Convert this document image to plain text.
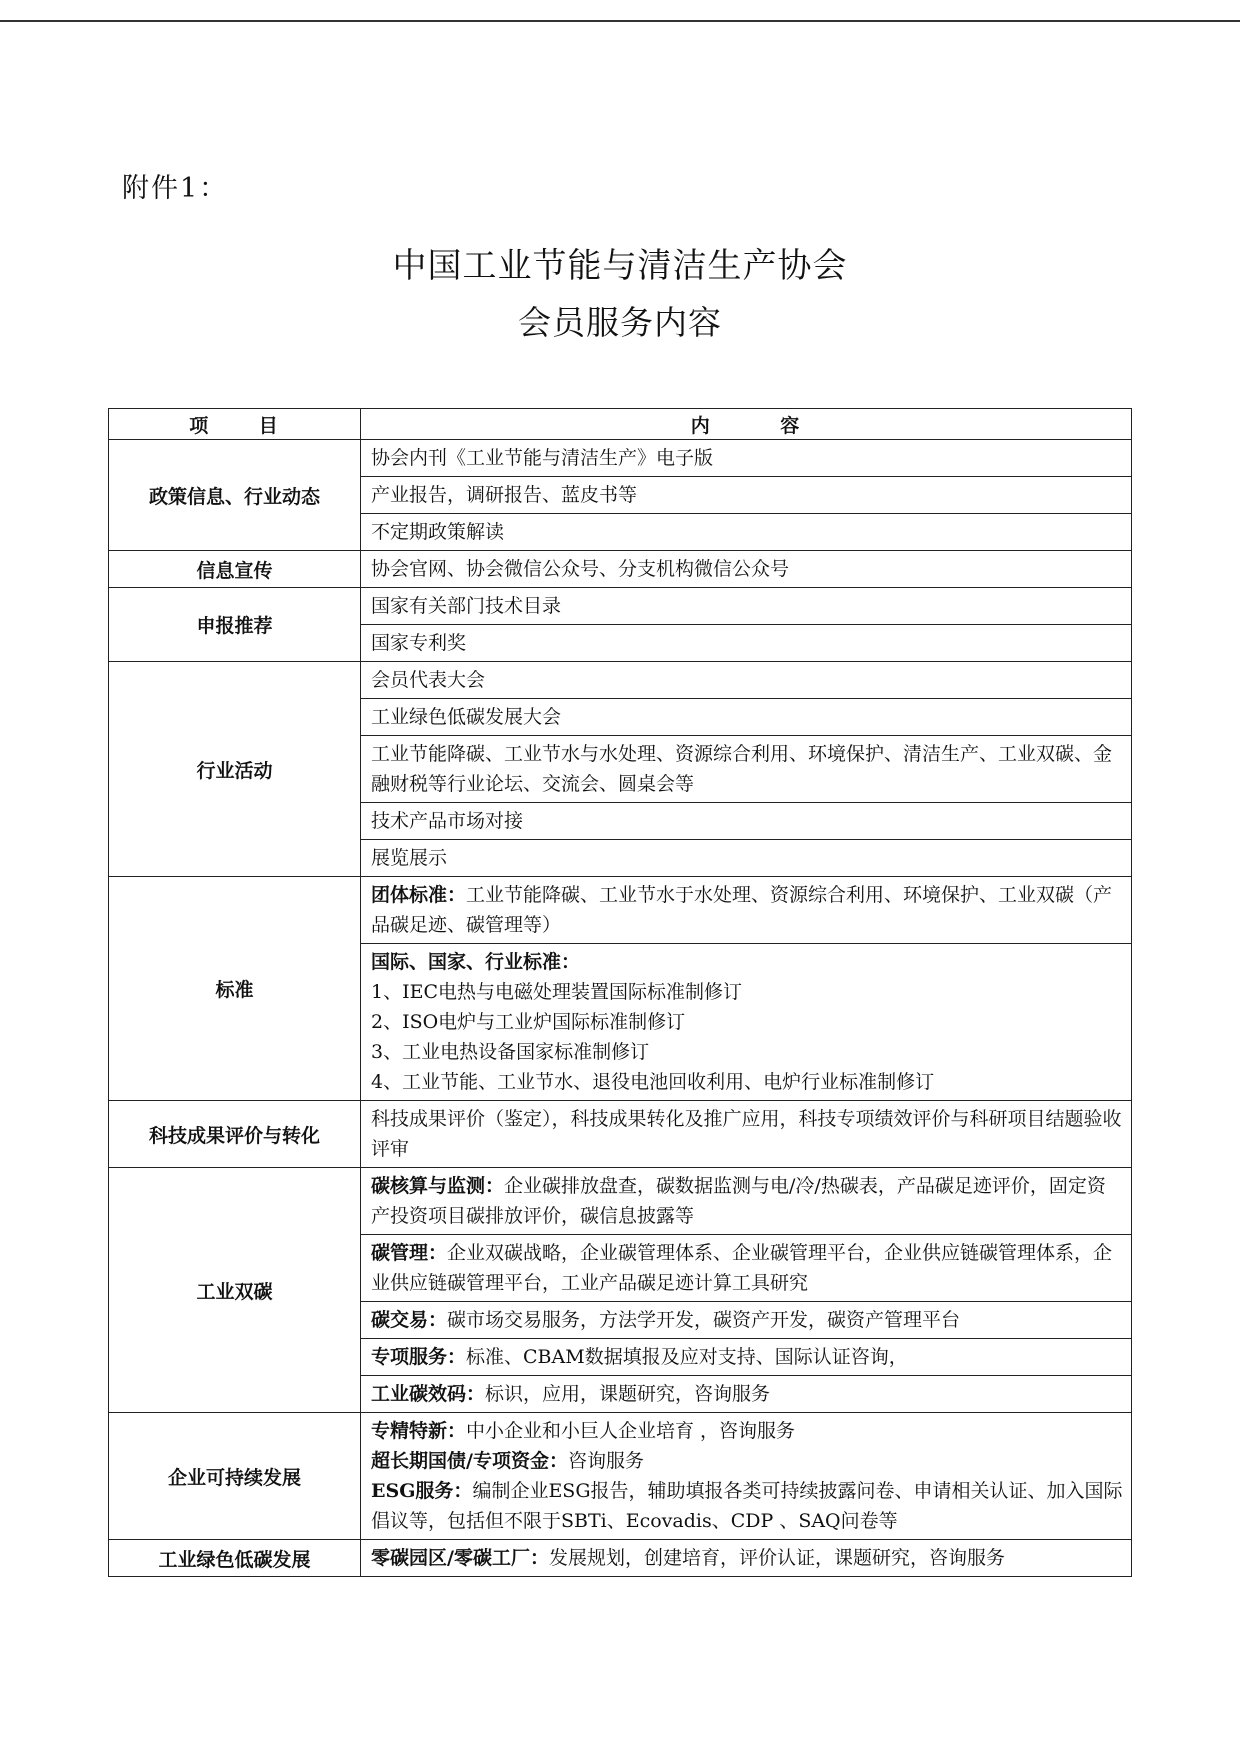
附件1：
中国工业节能与清洁生产协会
会员服务内容
项 目	内 容
政策信息、行业动态	协会内刊《工业节能与清洁生产》电子版

	产业报告，调研报告、蓝皮书等

	不定期政策解读

信息宣传	协会官网、协会微信公众号、分支机构微信公众号

申报推荐	国家有关部门技术目录

	国家专利奖

行业活动	会员代表大会

	工业绿色低碳发展大会

	工业节能降碳、工业节水与水处理、资源综合利用、环境保护、清洁生产、工业双碳、金融财税等行业论坛、交流会、圆桌会等

	技术产品市场对接

	展览展示

标准	团体标准：工业节能降碳、工业节水于水处理、资源综合利用、环境保护、工业双碳（产品碳足迹、碳管理等）

	国际、国家、行业标准：
1、IEC电热与电磁处理装置国际标准制修订
2、ISO电炉与工业炉国际标准制修订
3、工业电热设备国家标准制修订
4、工业节能、工业节水、退役电池回收利用、电炉行业标准制修订

科技成果评价与转化	科技成果评价（鉴定），科技成果转化及推广应用，科技专项绩效评价与科研项目结题验收评审

工业双碳	碳核算与监测：企业碳排放盘查，碳数据监测与电/冷/热碳表，产品碳足迹评价，固定资产投资项目碳排放评价，碳信息披露等

	碳管理：企业双碳战略，企业碳管理体系、企业碳管理平台，企业供应链碳管理体系，企业供应链碳管理平台，工业产品碳足迹计算工具研究

	碳交易：碳市场交易服务，方法学开发，碳资产开发，碳资产管理平台

	专项服务：标准、CBAM数据填报及应对支持、国际认证咨询，

	工业碳效码：标识，应用，课题研究，咨询服务

企业可持续发展	专精特新：中小企业和小巨人企业培育 ，咨询服务
超长期国债/专项资金：咨询服务
ESG服务：编制企业ESG报告，辅助填报各类可持续披露问卷、申请相关认证、加入国际倡议等，包括但不限于SBTi、Ecovadis、CDP 、SAQ问卷等

工业绿色低碳发展	零碳园区/零碳工厂：发展规划，创建培育，评价认证，课题研究，咨询服务
